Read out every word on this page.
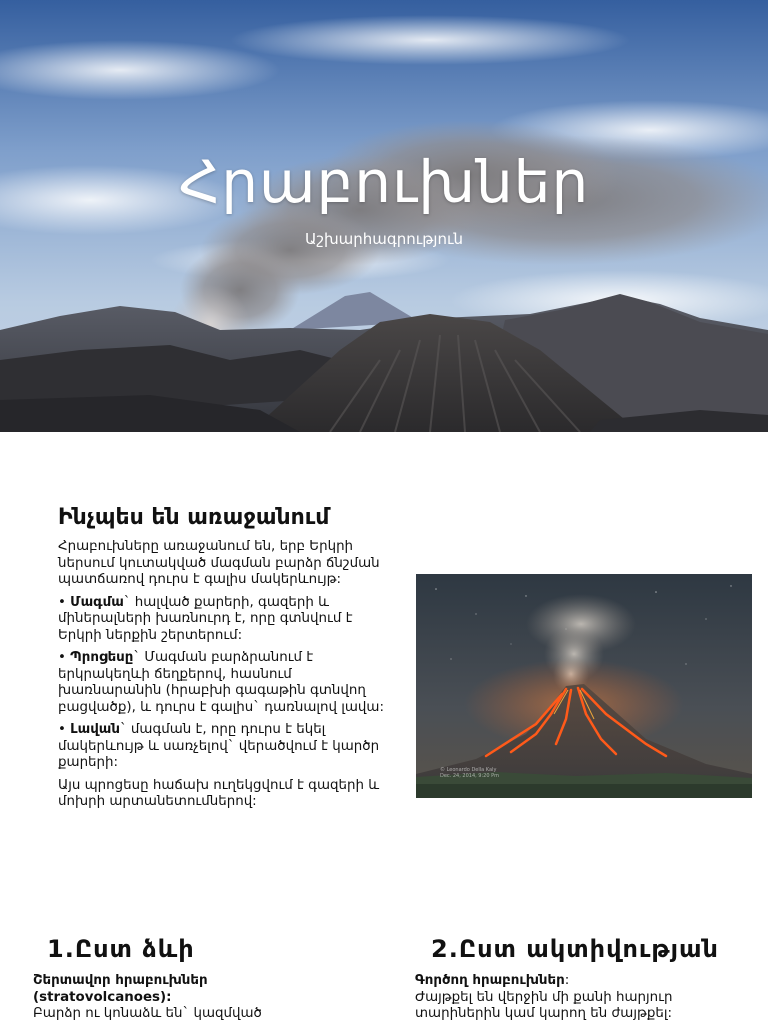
Հրաբուխներ

Աշխարհագրություն

Ինչպես են առաջանում

Հրաբուխները առաջանում են, երբ Երկրի ներսում կուտակված մագման բարձր ճնշման պատճառով դուրս է գալիս մակերևույթ:

• Մագմա` հալված քարերի, գազերի և միներալների խառնուրդ է, որը գտնվում է Երկրի ներքին շերտերում:

• Պրոցեսը` Մագման բարձրանում է երկրակեղևի ճեղքերով, հասնում խառնարանին (հրաբխի գագաթին գտնվող բացվածք), և դուրս է գալիս` դառնալով լավա:

• Լավան` մագման է, որը դուրս է եկել մակերևույթ և սառչելով` վերածվում է կարծր քարերի:

Այս պրոցեսը հաճախ ուղեկցվում է գազերի և մոխրի արտանետումներով:

© Leonardo Della Kaly
Dec. 24, 2014, 9:20 Pm
1.Ըստ ձևի

Շերտավոր հրաբուխներ
(stratovolcanoes):
Բարձր ու կոնաձև են` կազմված

2.Ըստ ակտիվության

Գործող հրաբուխներ:
Ժայթքել են վերջին մի քանի հարյուր տարիներին կամ կարող են ժայթքել:
